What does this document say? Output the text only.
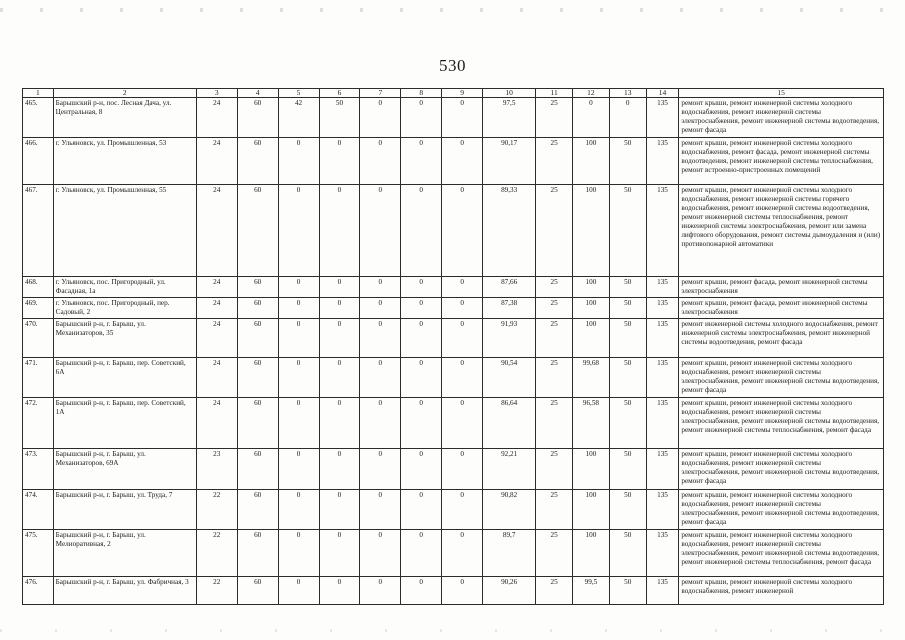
530
1	2	3	4	5	6	7	8	9	10	11	12	13	14	15
465.	Барышский р-н, пос. Лесная Дача, ул. Центральная, 8	24	60	42	50	0	0	0	97,5	25	0	0	135	ремонт крыши, ремонт инженерной системы холодного водоснабжения, ремонт инженерной системы электроснабжения, ремонт инженерной системы водоотведения, ремонт фасада
466.	г. Ульяновск, ул. Промышленная, 53	24	60	0	0	0	0	0	90,17	25	100	50	135	ремонт крыши, ремонт инженерной системы холодного водоснабжения, ремонт фасада, ремонт инженерной системы водоотведения, ремонт инженерной системы теплоснабжения, ремонт встроенно-пристроенных помещений
467.	г. Ульяновск, ул. Промышленная, 55	24	60	0	0	0	0	0	89,33	25	100	50	135	ремонт крыши, ремонт инженерной системы холодного водоснабжения, ремонт инженерной системы горячего водоснабжения, ремонт инженерной системы водоотведения, ремонт инженерной системы теплоснабжения, ремонт инженерной системы электроснабжения, ремонт или замена лифтового оборудования, ремонт системы дымоудаления и (или) противопожарной автоматики
468.	г. Ульяновск, пос. Пригородный, ул. Фасадная, 1а	24	60	0	0	0	0	0	87,66	25	100	50	135	ремонт крыши, ремонт фасада, ремонт инженерной системы электроснабжения
469.	г. Ульяновск, пос. Пригородный, пер. Садовый, 2	24	60	0	0	0	0	0	87,38	25	100	50	135	ремонт крыши, ремонт фасада, ремонт инженерной системы электроснабжения
470.	Барышский р-н, г. Барыш, ул. Механизаторов, 35	24	60	0	0	0	0	0	91,93	25	100	50	135	ремонт инженерной системы холодного водоснабжения, ремонт инженерной системы электроснабжения, ремонт инженерной системы водоотведения, ремонт фасада
471.	Барышский р-н, г. Барыш, пер. Советский, 6А	24	60	0	0	0	0	0	90,54	25	99,68	50	135	ремонт крыши, ремонт инженерной системы холодного водоснабжения, ремонт инженерной системы электроснабжения, ремонт инженерной системы водоотведения, ремонт фасада
472.	Барышский р-н, г. Барыш, пер. Советский, 1А	24	60	0	0	0	0	0	86,64	25	96,58	50	135	ремонт крыши, ремонт инженерной системы холодного водоснабжения, ремонт инженерной системы электроснабжения, ремонт инженерной системы водоотведения, ремонт инженерной системы теплоснабжения, ремонт фасада
473.	Барышский р-н, г. Барыш, ул. Механизаторов, 69А	23	60	0	0	0	0	0	92,21	25	100	50	135	ремонт крыши, ремонт инженерной системы холодного водоснабжения, ремонт инженерной системы электроснабжения, ремонт инженерной системы водоотведения, ремонт фасада
474.	Барышский р-н, г. Барыш, ул. Труда, 7	22	60	0	0	0	0	0	90,82	25	100	50	135	ремонт крыши, ремонт инженерной системы холодного водоснабжения, ремонт инженерной системы электроснабжения, ремонт инженерной системы водоотведения, ремонт фасада
475.	Барышский р-н, г. Барыш, ул. Мелиоративная, 2	22	60	0	0	0	0	0	89,7	25	100	50	135	ремонт крыши, ремонт инженерной системы холодного водоснабжения, ремонт инженерной системы электроснабжения, ремонт инженерной системы водоотведения, ремонт инженерной системы теплоснабжения, ремонт фасада
476.	Барышский р-н, г. Барыш, ул. Фабричная, 3	22	60	0	0	0	0	0	90,26	25	99,5	50	135	ремонт крыши, ремонт инженерной системы холодного водоснабжения, ремонт инженерной
